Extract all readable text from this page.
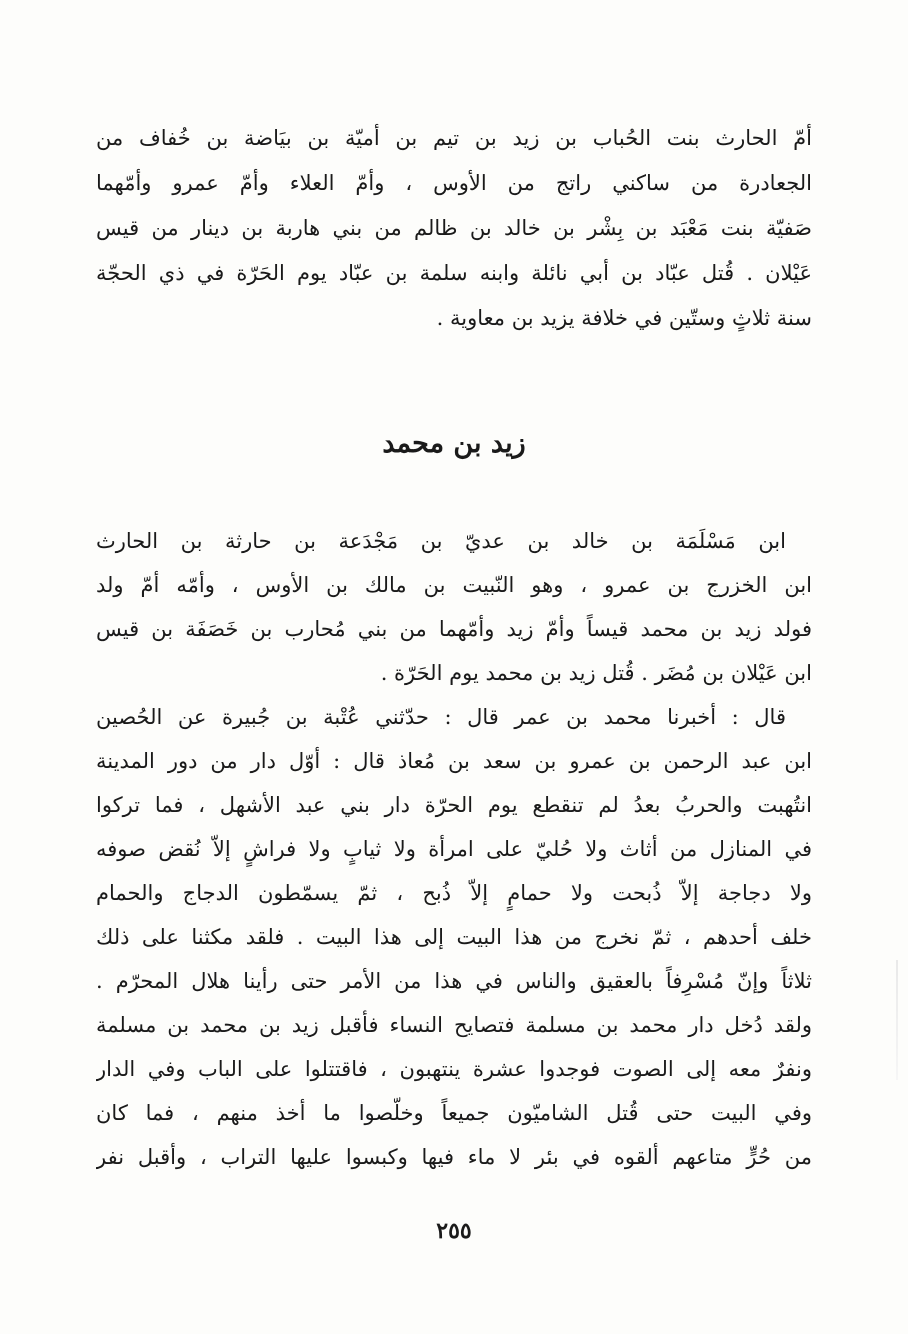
أمّ الحارث بنت الحُباب بن زيد بن تيم بن أميّة بن بيَاضة بن خُفاف من
الجعادرة من ساكني راتج من الأوس ، وأمّ العلاء وأمّ عمرو وأمّهما
صَفيّة بنت مَعْبَد بن بِشْر بن خالد بن ظالم من بني هاربة بن دينار من قيس
عَيْلان . قُتل عبّاد بن أبي نائلة وابنه سلمة بن عبّاد يوم الحَرّة في ذي الحجّة
سنة ثلاثٍ وستّين في خلافة يزيد بن معاوية .
زيد بن محمد
ابن مَسْلَمَة بن خالد بن عديّ بن مَجْدَعة بن حارثة بن الحارث
ابن الخزرج بن عمرو ، وهو النّبيت بن مالك بن الأوس ، وأمّه أمّ ولد
فولد زيد بن محمد قيساً وأمّ زيد وأمّهما من بني مُحارب بن خَصَفَة بن قيس
ابن عَيْلان بن مُضَر . قُتل زيد بن محمد يوم الحَرّة .
قال : أخبرنا محمد بن عمر قال : حدّثني عُتْبة بن جُبيرة عن الحُصين
ابن عبد الرحمن بن عمرو بن سعد بن مُعاذ قال : أوّل دار من دور المدينة
انتُهبت والحربُ بعدُ لم تنقطع يوم الحرّة دار بني عبد الأشهل ، فما تركوا
في المنازل من أثاث ولا حُليّ على امرأة ولا ثيابٍ ولا فراشٍ إلاّ نُقض صوفه
ولا دجاجة إلاّ ذُبحت ولا حمامٍ إلاّ ذُبح ، ثمّ يسمّطون الدجاج والحمام
خلف أحدهم ، ثمّ نخرج من هذا البيت إلى هذا البيت . فلقد مكثنا على ذلك
ثلاثاً وإنّ مُسْرِفاً بالعقيق والناس في هذا من الأمر حتى رأينا هلال المحرّم .
ولقد دُخل دار محمد بن مسلمة فتصايح النساء فأقبل زيد بن محمد بن مسلمة
ونفرٌ معه إلى الصوت فوجدوا عشرة ينتهبون ، فاقتتلوا على الباب وفي الدار
وفي البيت حتى قُتل الشاميّون جميعاً وخلّصوا ما أخذ منهم ، فما كان
من حُرٍّ متاعهم ألقوه في بئر لا ماء فيها وكبسوا عليها التراب ، وأقبل نفر
٢٥٥
